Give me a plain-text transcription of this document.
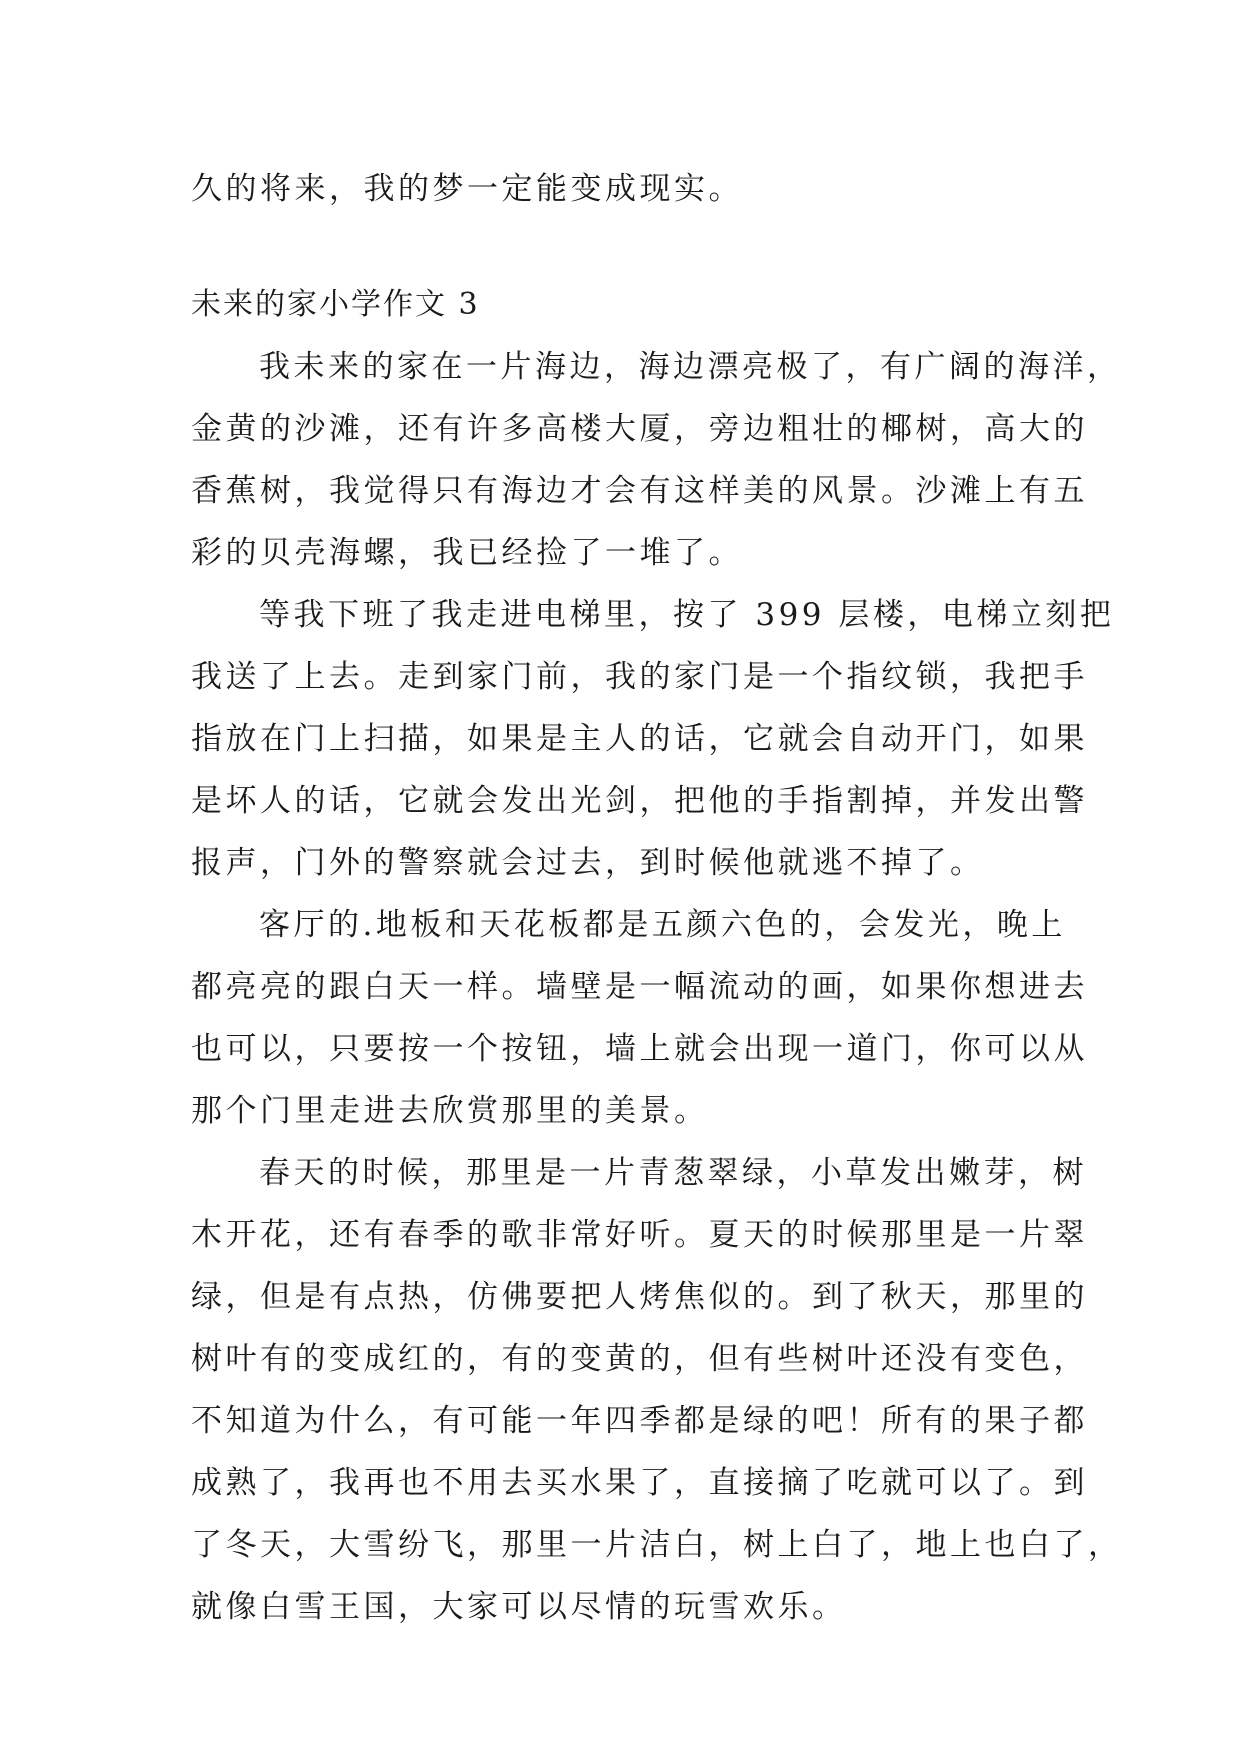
久的将来，我的梦一定能变成现实。
未来的家小学作文 3
我未来的家在一片海边，海边漂亮极了，有广阔的海洋，
金黄的沙滩，还有许多高楼大厦，旁边粗壮的椰树，高大的
香蕉树，我觉得只有海边才会有这样美的风景。沙滩上有五
彩的贝壳海螺，我已经捡了一堆了。
等我下班了我走进电梯里，按了 399 层楼，电梯立刻把
我送了上去。走到家门前，我的家门是一个指纹锁，我把手
指放在门上扫描，如果是主人的话，它就会自动开门，如果
是坏人的话，它就会发出光剑，把他的手指割掉，并发出警
报声，门外的警察就会过去，到时候他就逃不掉了。
客厅的.地板和天花板都是五颜六色的，会发光，晚上
都亮亮的跟白天一样。墙壁是一幅流动的画，如果你想进去
也可以，只要按一个按钮，墙上就会出现一道门，你可以从
那个门里走进去欣赏那里的美景。
春天的时候，那里是一片青葱翠绿，小草发出嫩芽，树
木开花，还有春季的歌非常好听。夏天的时候那里是一片翠
绿，但是有点热，仿佛要把人烤焦似的。到了秋天，那里的
树叶有的变成红的，有的变黄的，但有些树叶还没有变色，
不知道为什么，有可能一年四季都是绿的吧！所有的果子都
成熟了，我再也不用去买水果了，直接摘了吃就可以了。到
了冬天，大雪纷飞，那里一片洁白，树上白了，地上也白了，
就像白雪王国，大家可以尽情的玩雪欢乐。
